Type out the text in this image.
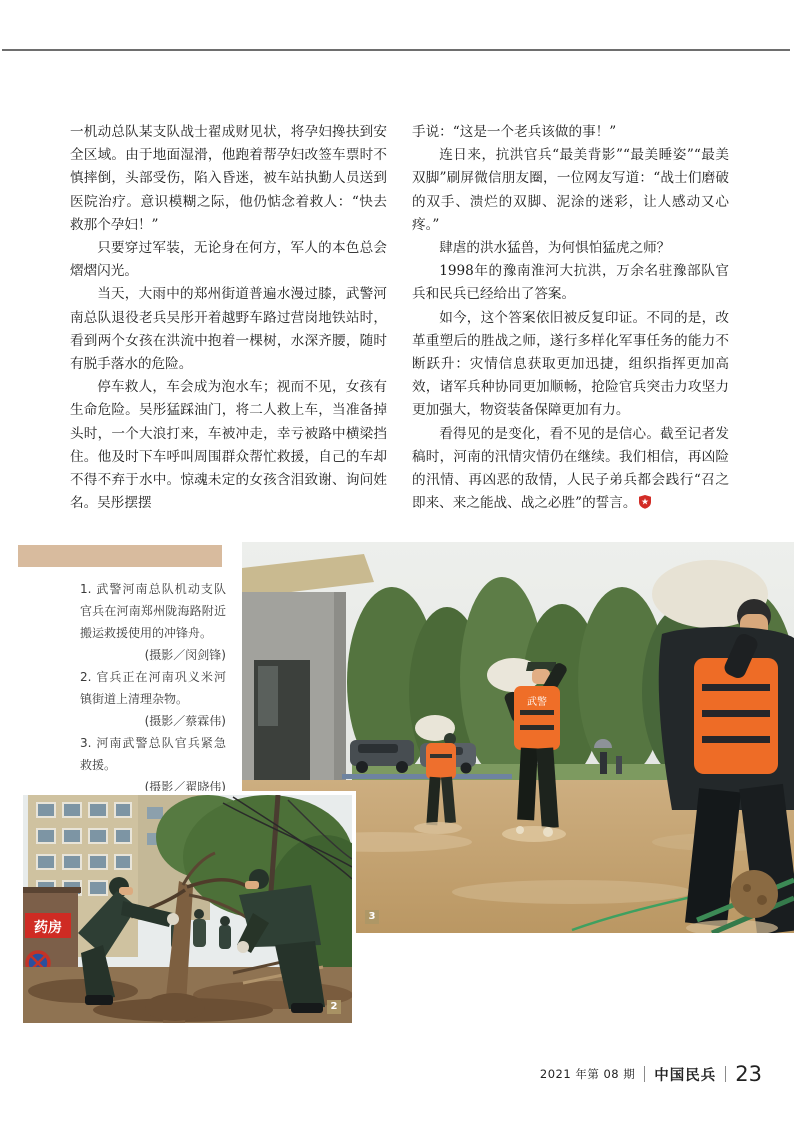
一机动总队某支队战士翟成财见状，将孕妇搀扶到安全区域。由于地面湿滑，他跑着帮孕妇改签车票时不慎摔倒，头部受伤，陷入昏迷，被车站执勤人员送到医院治疗。意识模糊之际，他仍惦念着救人：“快去救那个孕妇！”

只要穿过军装，无论身在何方，军人的本色总会熠熠闪光。

当天，大雨中的郑州街道普遍水漫过膝，武警河南总队退役老兵吴彤开着越野车路过营岗地铁站时，看到两个女孩在洪流中抱着一棵树，水深齐腰，随时有脱手落水的危险。

停车救人，车会成为泡水车；视而不见，女孩有生命危险。吴彤猛踩油门，将二人救上车，当准备掉头时，一个大浪打来，车被冲走，幸亏被路中横梁挡住。他及时下车呼叫周围群众帮忙救援，自己的车却不得不弃于水中。惊魂未定的女孩含泪致谢、询问姓名。吴彤摆摆

手说：“这是一个老兵该做的事！”

连日来，抗洪官兵“最美背影”“最美睡姿”“最美双脚”刷屏微信朋友圈，一位网友写道：“战士们磨破的双手、溃烂的双脚、泥涂的迷彩，让人感动又心疼。”

肆虐的洪水猛兽，为何惧怕猛虎之师？

1998年的豫南淮河大抗洪，万余名驻豫部队官兵和民兵已经给出了答案。

如今，这个答案依旧被反复印证。不同的是，改革重塑后的胜战之师，遂行多样化军事任务的能力不断跃升：灾情信息获取更加迅捷，组织指挥更加高效，诸军兵种协同更加顺畅，抢险官兵突击力攻坚力更加强大，物资装备保障更加有力。

看得见的是变化，看不见的是信心。截至记者发稿时，河南的汛情灾情仍在继续。我们相信，再凶险的汛情、再凶恶的敌情，人民子弟兵都会践行“召之即来、来之能战、战之必胜”的誓言。

1. 武警河南总队机动支队官兵在河南郑州陇海路附近搬运救援使用的冲锋舟。

(摄影／闵剑锋)

2. 官兵正在河南巩义米河镇街道上清理杂物。

(摄影／蔡霖伟)

3. 河南武警总队官兵紧急救援。

(摄影／翟晓伟)

武警
3
药房
2
2021 年第 08 期 中国民兵 23
